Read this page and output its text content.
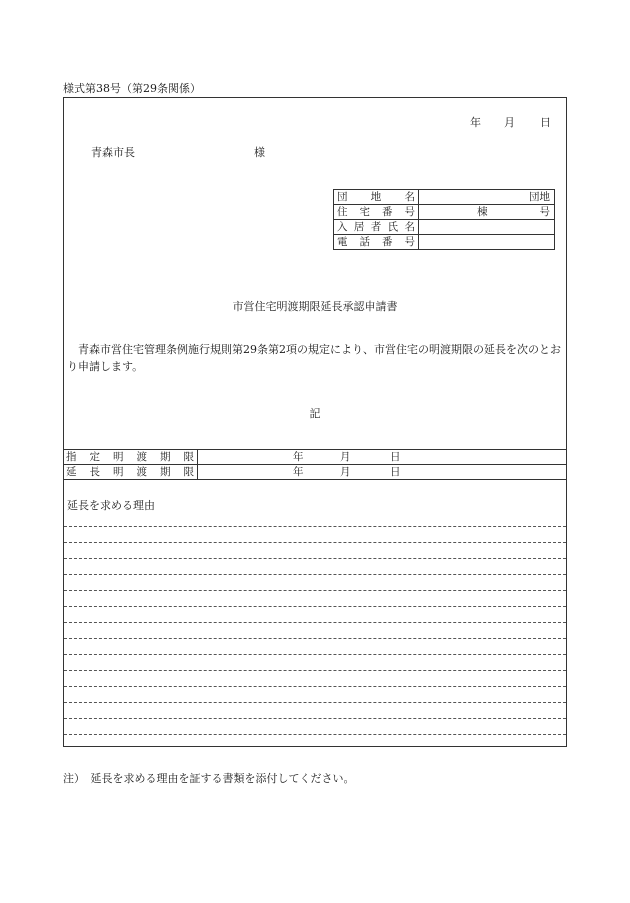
様式第38号（第29条関係）
年 月 日
青森市長	様
団地名	団地

住宅番号	棟 号

入居者氏名	
電話番号	
市営住宅明渡期限延長承認申請書
青森市営住宅管理条例施行規則第29条第2項の規定により、市営住宅の明渡期限の延長を次のとおり申請します。
記
指定明渡期限	年 月 日

延長明渡期限	年 月 日
延長を求める理由
注）　延長を求める理由を証する書類を添付してください。
